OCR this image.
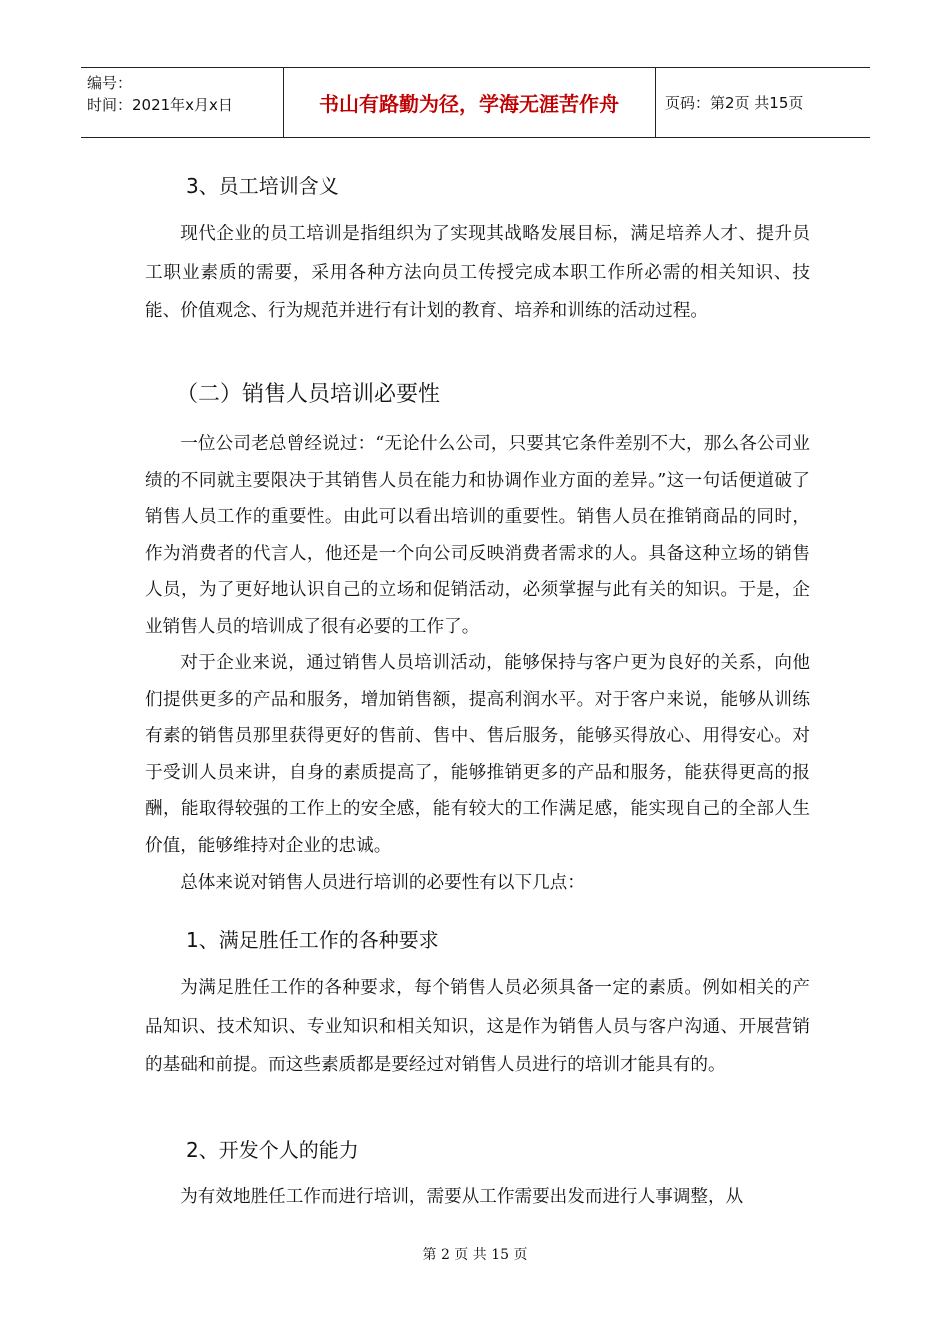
编号：
时间：2021年x月x日	书山有路勤为径，学海无涯苦作舟	页码：第2页 共15页
3、员工培训含义

现代企业的员工培训是指组织为了实现其战略发展目标，满足培养人才、提升员工职业素质的需要，采用各种方法向员工传授完成本职工作所必需的相关知识、技能、价值观念、行为规范并进行有计划的教育、培养和训练的活动过程。

（二）销售人员培训必要性

一位公司老总曾经说过：“无论什么公司，只要其它条件差别不大，那么各公司业绩的不同就主要限决于其销售人员在能力和协调作业方面的差异。”这一句话便道破了销售人员工作的重要性。由此可以看出培训的重要性。销售人员在推销商品的同时，作为消费者的代言人，他还是一个向公司反映消费者需求的人。具备这种立场的销售人员，为了更好地认识自己的立场和促销活动，必须掌握与此有关的知识。于是，企业销售人员的培训成了很有必要的工作了。

对于企业来说，通过销售人员培训活动，能够保持与客户更为良好的关系，向他们提供更多的产品和服务，增加销售额，提高利润水平。对于客户来说，能够从训练有素的销售员那里获得更好的售前、售中、售后服务，能够买得放心、用得安心。对于受训人员来讲，自身的素质提高了，能够推销更多的产品和服务，能获得更高的报酬，能取得较强的工作上的安全感，能有较大的工作满足感，能实现自己的全部人生价值，能够维持对企业的忠诚。

总体来说对销售人员进行培训的必要性有以下几点：

1、满足胜任工作的各种要求

为满足胜任工作的各种要求，每个销售人员必须具备一定的素质。例如相关的产品知识、技术知识、专业知识和相关知识，这是作为销售人员与客户沟通、开展营销的基础和前提。而这些素质都是要经过对销售人员进行的培训才能具有的。

2、开发个人的能力

为有效地胜任工作而进行培训，需要从工作需要出发而进行人事调整，从

第 2 页 共 15 页
